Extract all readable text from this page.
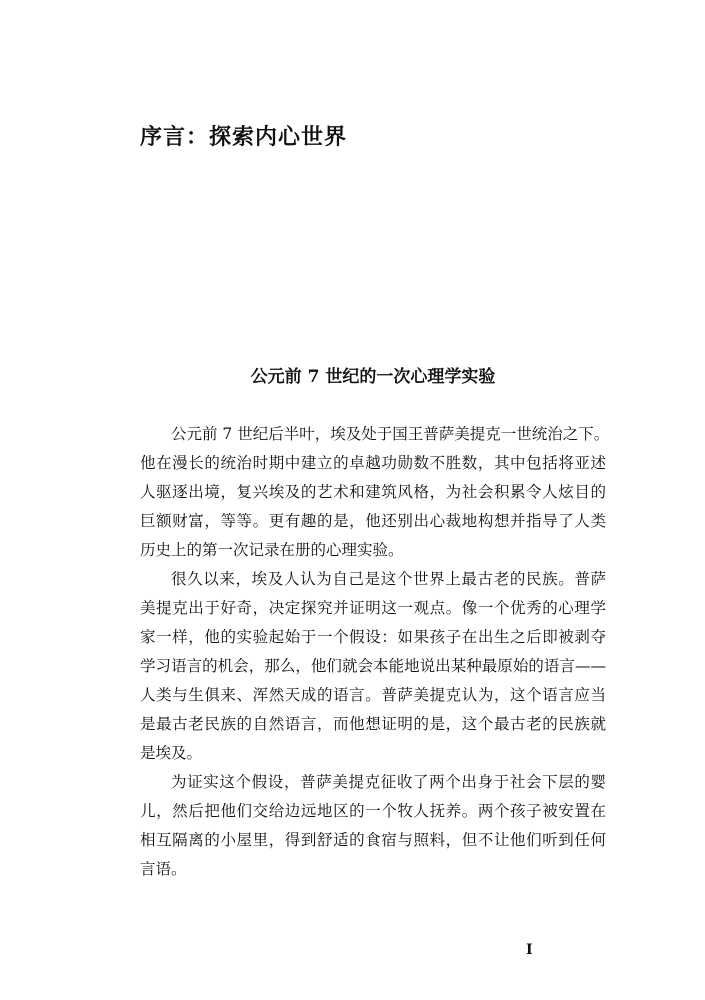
序言：探索内心世界
公元前 7 世纪的一次心理学实验

公元前 7 世纪后半叶，埃及处于国王普萨美提克一世统治之下。
他在漫长的统治时期中建立的卓越功勋数不胜数，其中包括将亚述
人驱逐出境，复兴埃及的艺术和建筑风格，为社会积累令人炫目的
巨额财富，等等。更有趣的是，他还别出心裁地构想并指导了人类
历史上的第一次记录在册的心理实验。

很久以来，埃及人认为自己是这个世界上最古老的民族。普萨
美提克出于好奇，决定探究并证明这一观点。像一个优秀的心理学
家一样，他的实验起始于一个假设：如果孩子在出生之后即被剥夺
学习语言的机会，那么，他们就会本能地说出某种最原始的语言——
人类与生俱来、浑然天成的语言。普萨美提克认为，这个语言应当
是最古老民族的自然语言，而他想证明的是，这个最古老的民族就
是埃及。

为证实这个假设，普萨美提克征收了两个出身于社会下层的婴
儿，然后把他们交给边远地区的一个牧人抚养。两个孩子被安置在
相互隔离的小屋里，得到舒适的食宿与照料，但不让他们听到任何
言语。

I
